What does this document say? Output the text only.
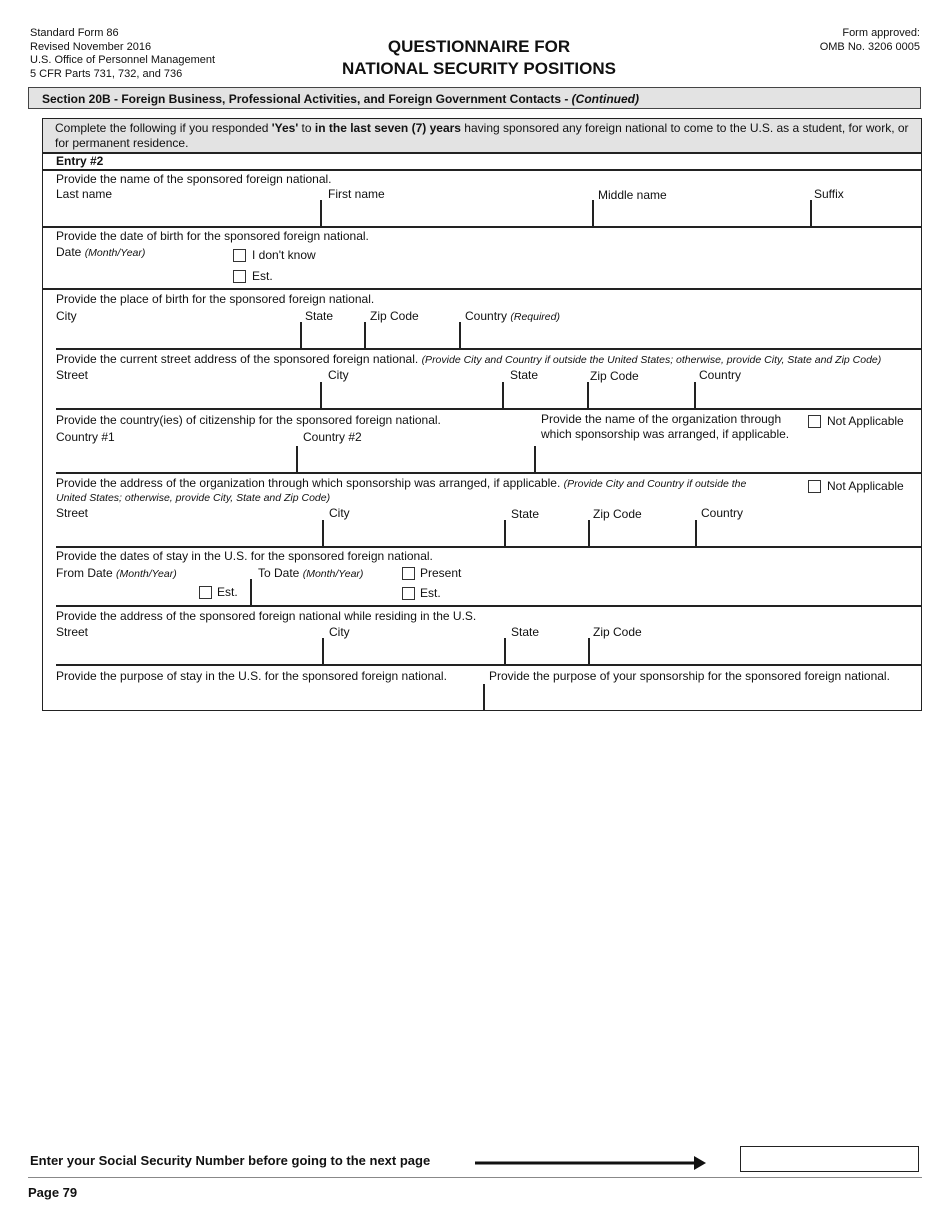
Standard Form 86
Revised November 2016
U.S. Office of Personnel Management
5 CFR Parts 731, 732, and 736
QUESTIONNAIRE FOR
NATIONAL SECURITY POSITIONS
Form approved:
OMB No. 3206 0005
Section 20B - Foreign Business, Professional Activities, and Foreign Government Contacts - (Continued)
Complete the following if you responded 'Yes' to in the last seven (7) years having sponsored any foreign national to come to the U.S. as a student, for work, or for permanent residence.
Entry #2
Provide the name of the sponsored foreign national.
Last name	First name	Middle name	Suffix
Provide the date of birth for the sponsored foreign national.
Date (Month/Year)	I don't know
Est.
Provide the place of birth for the sponsored foreign national.
City	State	Zip Code	Country (Required)
Provide the current street address of the sponsored foreign national. (Provide City and Country if outside the United States; otherwise, provide City, State and Zip Code)
Street	City	State	Zip Code	Country
Provide the country(ies) of citizenship for the sponsored foreign national.
Country #1	Country #2
Provide the name of the organization through
which sponsorship was arranged, if applicable.
Not Applicable
Provide the address of the organization through which sponsorship was arranged, if applicable. (Provide City and Country if outside the
United States; otherwise, provide City, State and Zip Code)
Not Applicable
Street	City	State	Zip Code	Country
Provide the dates of stay in the U.S. for the sponsored foreign national.
From Date (Month/Year)	To Date (Month/Year)	Present
Est.	Est.
Provide the address of the sponsored foreign national while residing in the U.S.
Street	City	State	Zip Code
Provide the purpose of stay in the U.S. for the sponsored foreign national.	Provide the purpose of your sponsorship for the sponsored foreign national.
Enter your Social Security Number before going to the next page
Page 79
